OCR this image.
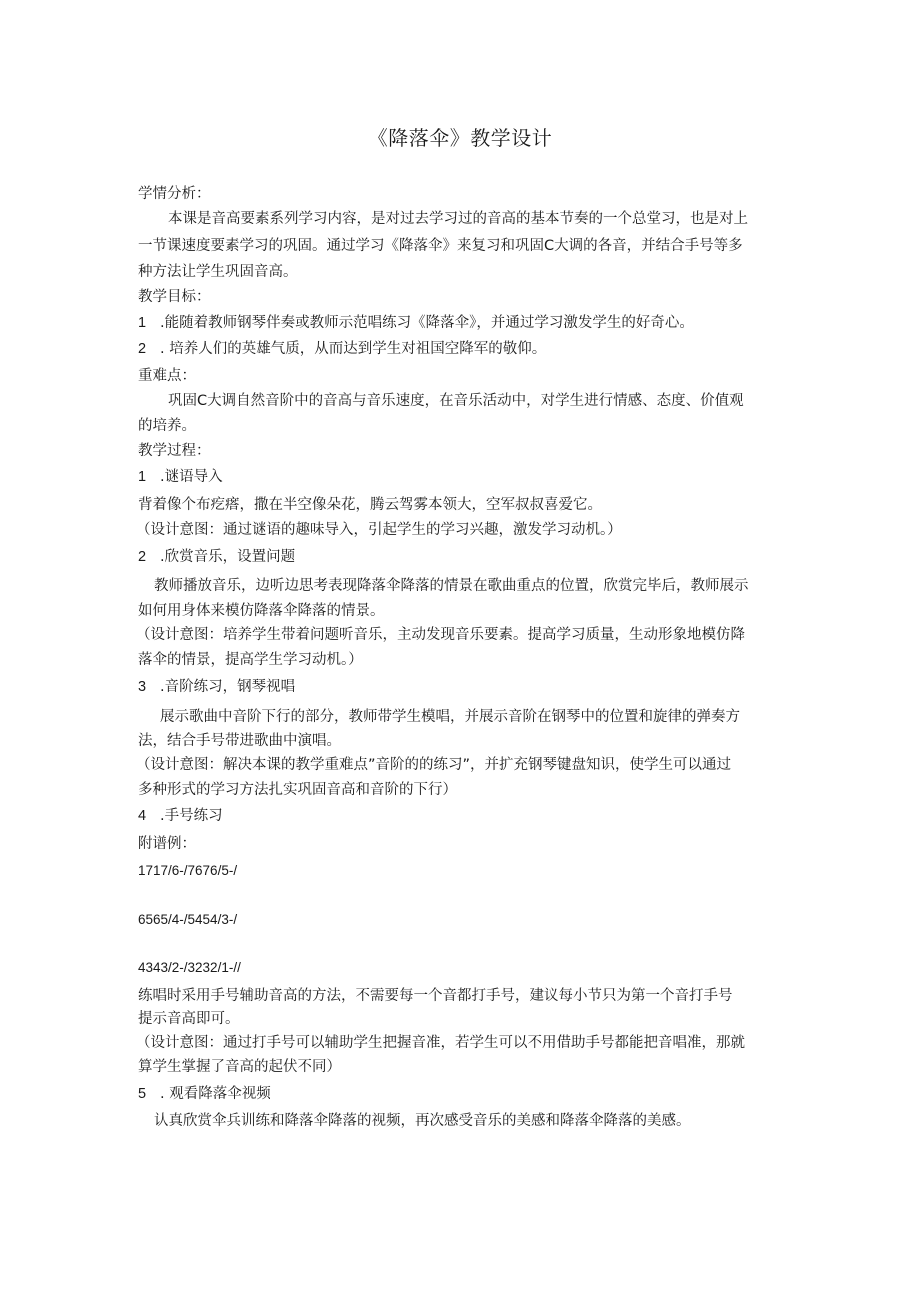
《降落伞》教学设计
学情分析：
本课是音高要素系列学习内容，是对过去学习过的音高的基本节奏的一个总堂习，也是对上
一节课速度要素学习的巩固。通过学习《降落伞》来复习和巩固C大调的各音，并结合手号等多
种方法让学生巩固音高。
教学目标：
1 .能随着教师钢琴伴奏或教师示范唱练习《降落伞》，并通过学习激发学生的好奇心。
2 . 培养人们的英雄气质，从而达到学生对祖国空降军的敬仰。
重难点：
巩固C大调自然音阶中的音高与音乐速度，在音乐活动中，对学生进行情感、态度、价值观
的培养。
教学过程：
1 .谜语导入
背着像个布疙瘩，撒在半空像朵花，腾云驾雾本领大，空军叔叔喜爱它。
（设计意图：通过谜语的趣味导入，引起学生的学习兴趣，激发学习动机。）
2 .欣赏音乐，设置问题
教师播放音乐，边听边思考表现降落伞降落的情景在歌曲重点的位置，欣赏完毕后，教师展示
如何用身体来模仿降落伞降落的情景。
（设计意图：培养学生带着问题听音乐，主动发现音乐要素。提高学习质量，生动形象地模仿降
落伞的情景，提高学生学习动机。）
3 .音阶练习，钢琴视唱
展示歌曲中音阶下行的部分，教师带学生模唱，并展示音阶在钢琴中的位置和旋律的弹奏方
法，结合手号带进歌曲中演唱。
（设计意图：解决本课的教学重难点”音阶的的练习”，并扩充钢琴键盘知识，使学生可以通过
多种形式的学习方法扎实巩固音高和音阶的下行）
4 .手号练习
附谱例：
1717/6-/7676/5-/
6565/4-/5454/3-/
4343/2-/3232/1-//
练唱时采用手号辅助音高的方法，不需要每一个音都打手号，建议每小节只为第一个音打手号
提示音高即可。
（设计意图：通过打手号可以辅助学生把握音准，若学生可以不用借助手号都能把音唱准，那就
算学生掌握了音高的起伏不同）
5 . 观看降落伞视频
认真欣赏伞兵训练和降落伞降落的视频，再次感受音乐的美感和降落伞降落的美感。
